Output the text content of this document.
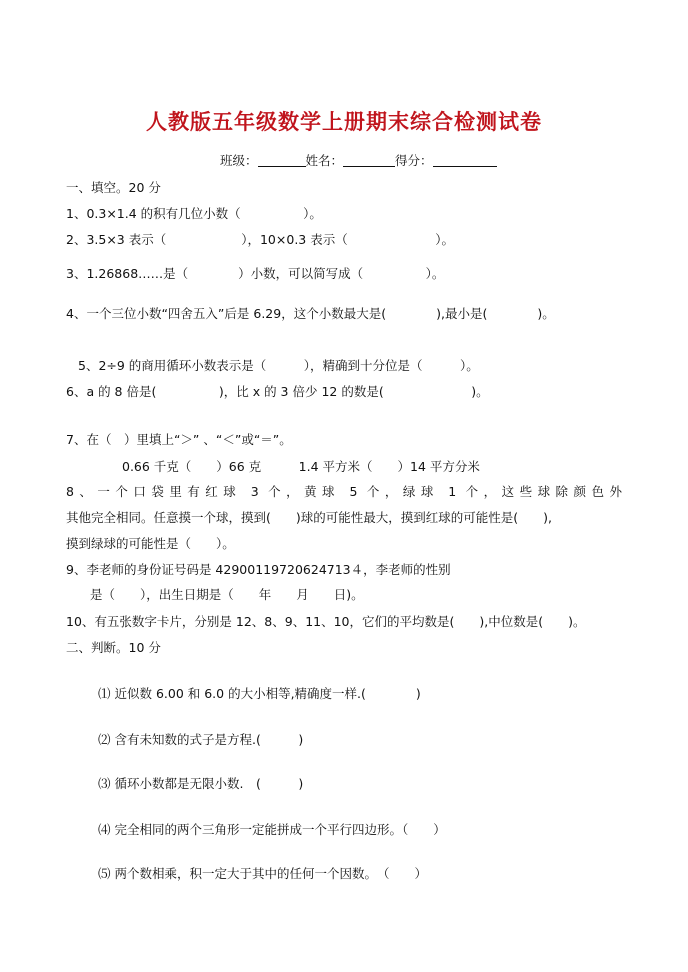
人教版五年级数学上册期末综合检测试卷
班级：	姓名：	得分：
一、填空。20 分
1、0.3×1.4 的积有几位小数（　　　　　）。
2、3.5×3 表示（　　　　　　），10×0.3 表示（　　　　　　　）。
3、1.26868……是（　　　　）小数，可以简写成（　　　　　）。
4、一个三位小数“四舍五入”后是 6.29，这个小数最大是(　　　　),最小是(　　　　)。
5、2÷9 的商用循环小数表示是（　　　），精确到十分位是（　　　）。
6、a 的 8 倍是(　　　　　)，比 x 的 3 倍少 12 的数是(　　　　　　　)。
7、在（　）里填上“＞” 、“＜”或“＝”。
0.66 千克（　　）66 克　　　1.4 平方米（　　）14 平方分米
8、一个口袋里有红球 3 个，黄球 5 个，绿球 1 个，这些球除颜色外
其他完全相同。任意摸一个球，摸到(　　)球的可能性最大，摸到红球的可能性是(　　),
摸到绿球的可能性是（　　）。
9、李老师的身份证号码是 42900119720624713４，李老师的性别
是（　　），出生日期是（　　年　　月　　日)。
10、有五张数字卡片，分别是 12、8、9、11、10，它们的平均数是(　　),中位数是(　　)。
二、判断。10 分
⑴ 近似数 6.00 和 6.0 的大小相等,精确度一样.(　　　　)
⑵ 含有未知数的式子是方程.(　　　)
⑶ 循环小数都是无限小数.　(　　　)
⑷ 完全相同的两个三角形一定能拼成一个平行四边形。（　　）
⑸ 两个数相乘，积一定大于其中的任何一个因数。　（　　）
